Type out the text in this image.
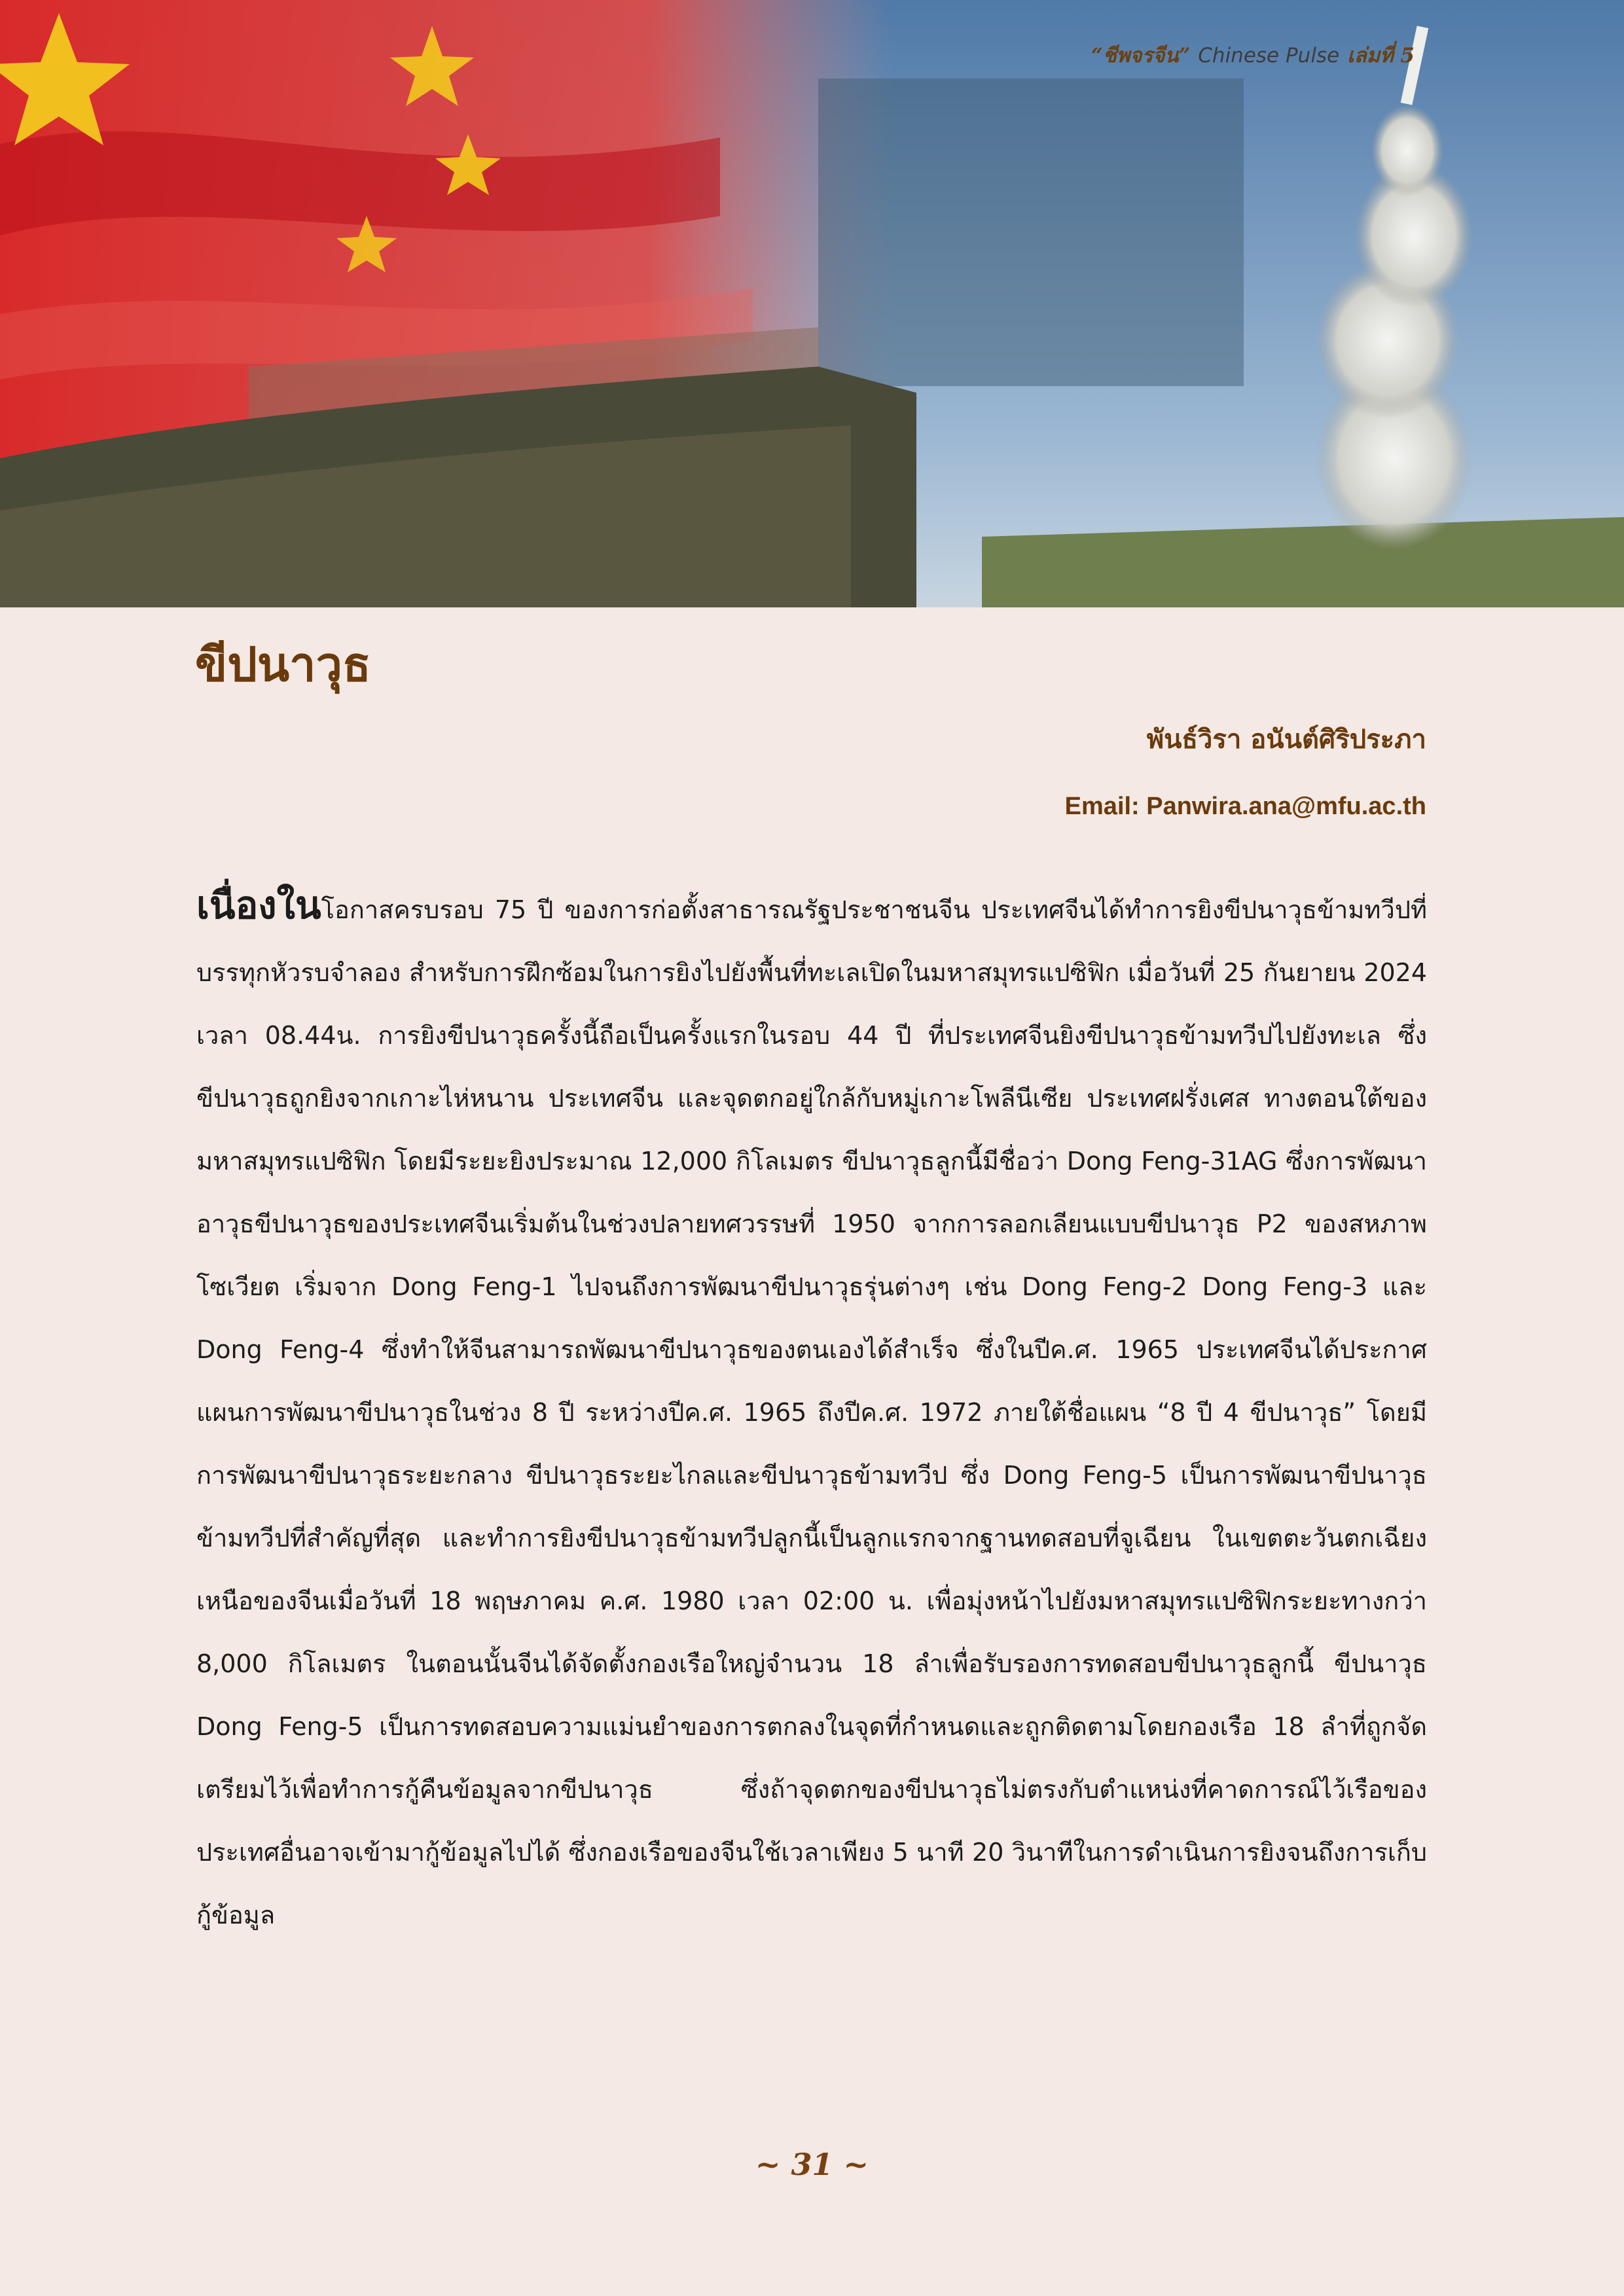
“ชีพจรจีน” Chinese Pulse เล่มที่ 5
ขีปนาวุธ

พันธ์วิรา อนันต์ศิริประภา

Email: Panwira.ana@mfu.ac.th

เนื่องในโอกาสครบรอบ 75 ปี ของการก่อตั้งสาธารณรัฐประชาชนจีน ประเทศจีนได้ทำการยิงขีปนาวุธข้ามทวีปที่บรรทุกหัวรบจำลอง สำหรับการฝึกซ้อมในการยิงไปยังพื้นที่ทะเลเปิดในมหาสมุทรแปซิฟิก เมื่อวันที่ 25 กันยายน 2024 เวลา 08.44น. การยิงขีปนาวุธครั้งนี้ถือเป็นครั้งแรกในรอบ 44 ปี ที่ประเทศจีนยิงขีปนาวุธข้ามทวีปไปยังทะเล ซึ่งขีปนาวุธถูกยิงจากเกาะไห่หนาน ประเทศจีน และจุดตกอยู่ใกล้กับหมู่เกาะโพลีนีเซีย ประเทศฝรั่งเศส ทางตอนใต้ของมหาสมุทรแปซิฟิก โดยมีระยะยิงประมาณ 12,000 กิโลเมตร ขีปนาวุธลูกนี้มีชื่อว่า Dong Feng-31AG ซึ่งการพัฒนาอาวุธขีปนาวุธของประเทศจีนเริ่มต้นในช่วงปลายทศวรรษที่ 1950 จากการลอกเลียนแบบขีปนาวุธ P2 ของสหภาพโซเวียต เริ่มจาก Dong Feng-1 ไปจนถึงการพัฒนาขีปนาวุธรุ่นต่างๆ เช่น Dong Feng-2 Dong Feng-3 และ Dong Feng-4 ซึ่งทำให้จีนสามารถพัฒนาขีปนาวุธของตนเองได้สำเร็จ ซึ่งในปีค.ศ. 1965 ประเทศจีนได้ประกาศแผนการพัฒนาขีปนาวุธในช่วง 8 ปี ระหว่างปีค.ศ. 1965 ถึงปีค.ศ. 1972 ภายใต้ชื่อแผน “8 ปี 4 ขีปนาวุธ” โดยมีการพัฒนาขีปนาวุธระยะกลาง ขีปนาวุธระยะไกลและขีปนาวุธข้ามทวีป ซึ่ง Dong Feng-5 เป็นการพัฒนาขีปนาวุธข้ามทวีปที่สำคัญที่สุด และทำการยิงขีปนาวุธข้ามทวีปลูกนี้เป็นลูกแรกจากฐานทดสอบที่จูเฉียน ในเขตตะวันตกเฉียงเหนือของจีนเมื่อวันที่ 18 พฤษภาคม ค.ศ. 1980 เวลา 02:00 น. เพื่อมุ่งหน้าไปยังมหาสมุทรแปซิฟิกระยะทางกว่า 8,000 กิโลเมตร ในตอนนั้นจีนได้จัดตั้งกองเรือใหญ่จำนวน 18 ลำเพื่อรับรองการทดสอบขีปนาวุธลูกนี้ ขีปนาวุธ Dong Feng-5 เป็นการทดสอบความแม่นยำของการตกลงในจุดที่กำหนดและถูกติดตามโดยกองเรือ 18 ลำที่ถูกจัดเตรียมไว้เพื่อทำการกู้คืนข้อมูลจากขีปนาวุธ ซึ่งถ้าจุดตกของขีปนาวุธไม่ตรงกับตำแหน่งที่คาดการณ์ไว้เรือของประเทศอื่นอาจเข้ามากู้ข้อมูลไปได้ ซึ่งกองเรือของจีนใช้เวลาเพียง 5 นาที 20 วินาทีในการดำเนินการยิงจนถึงการเก็บกู้ข้อมูล

~ 31 ~
